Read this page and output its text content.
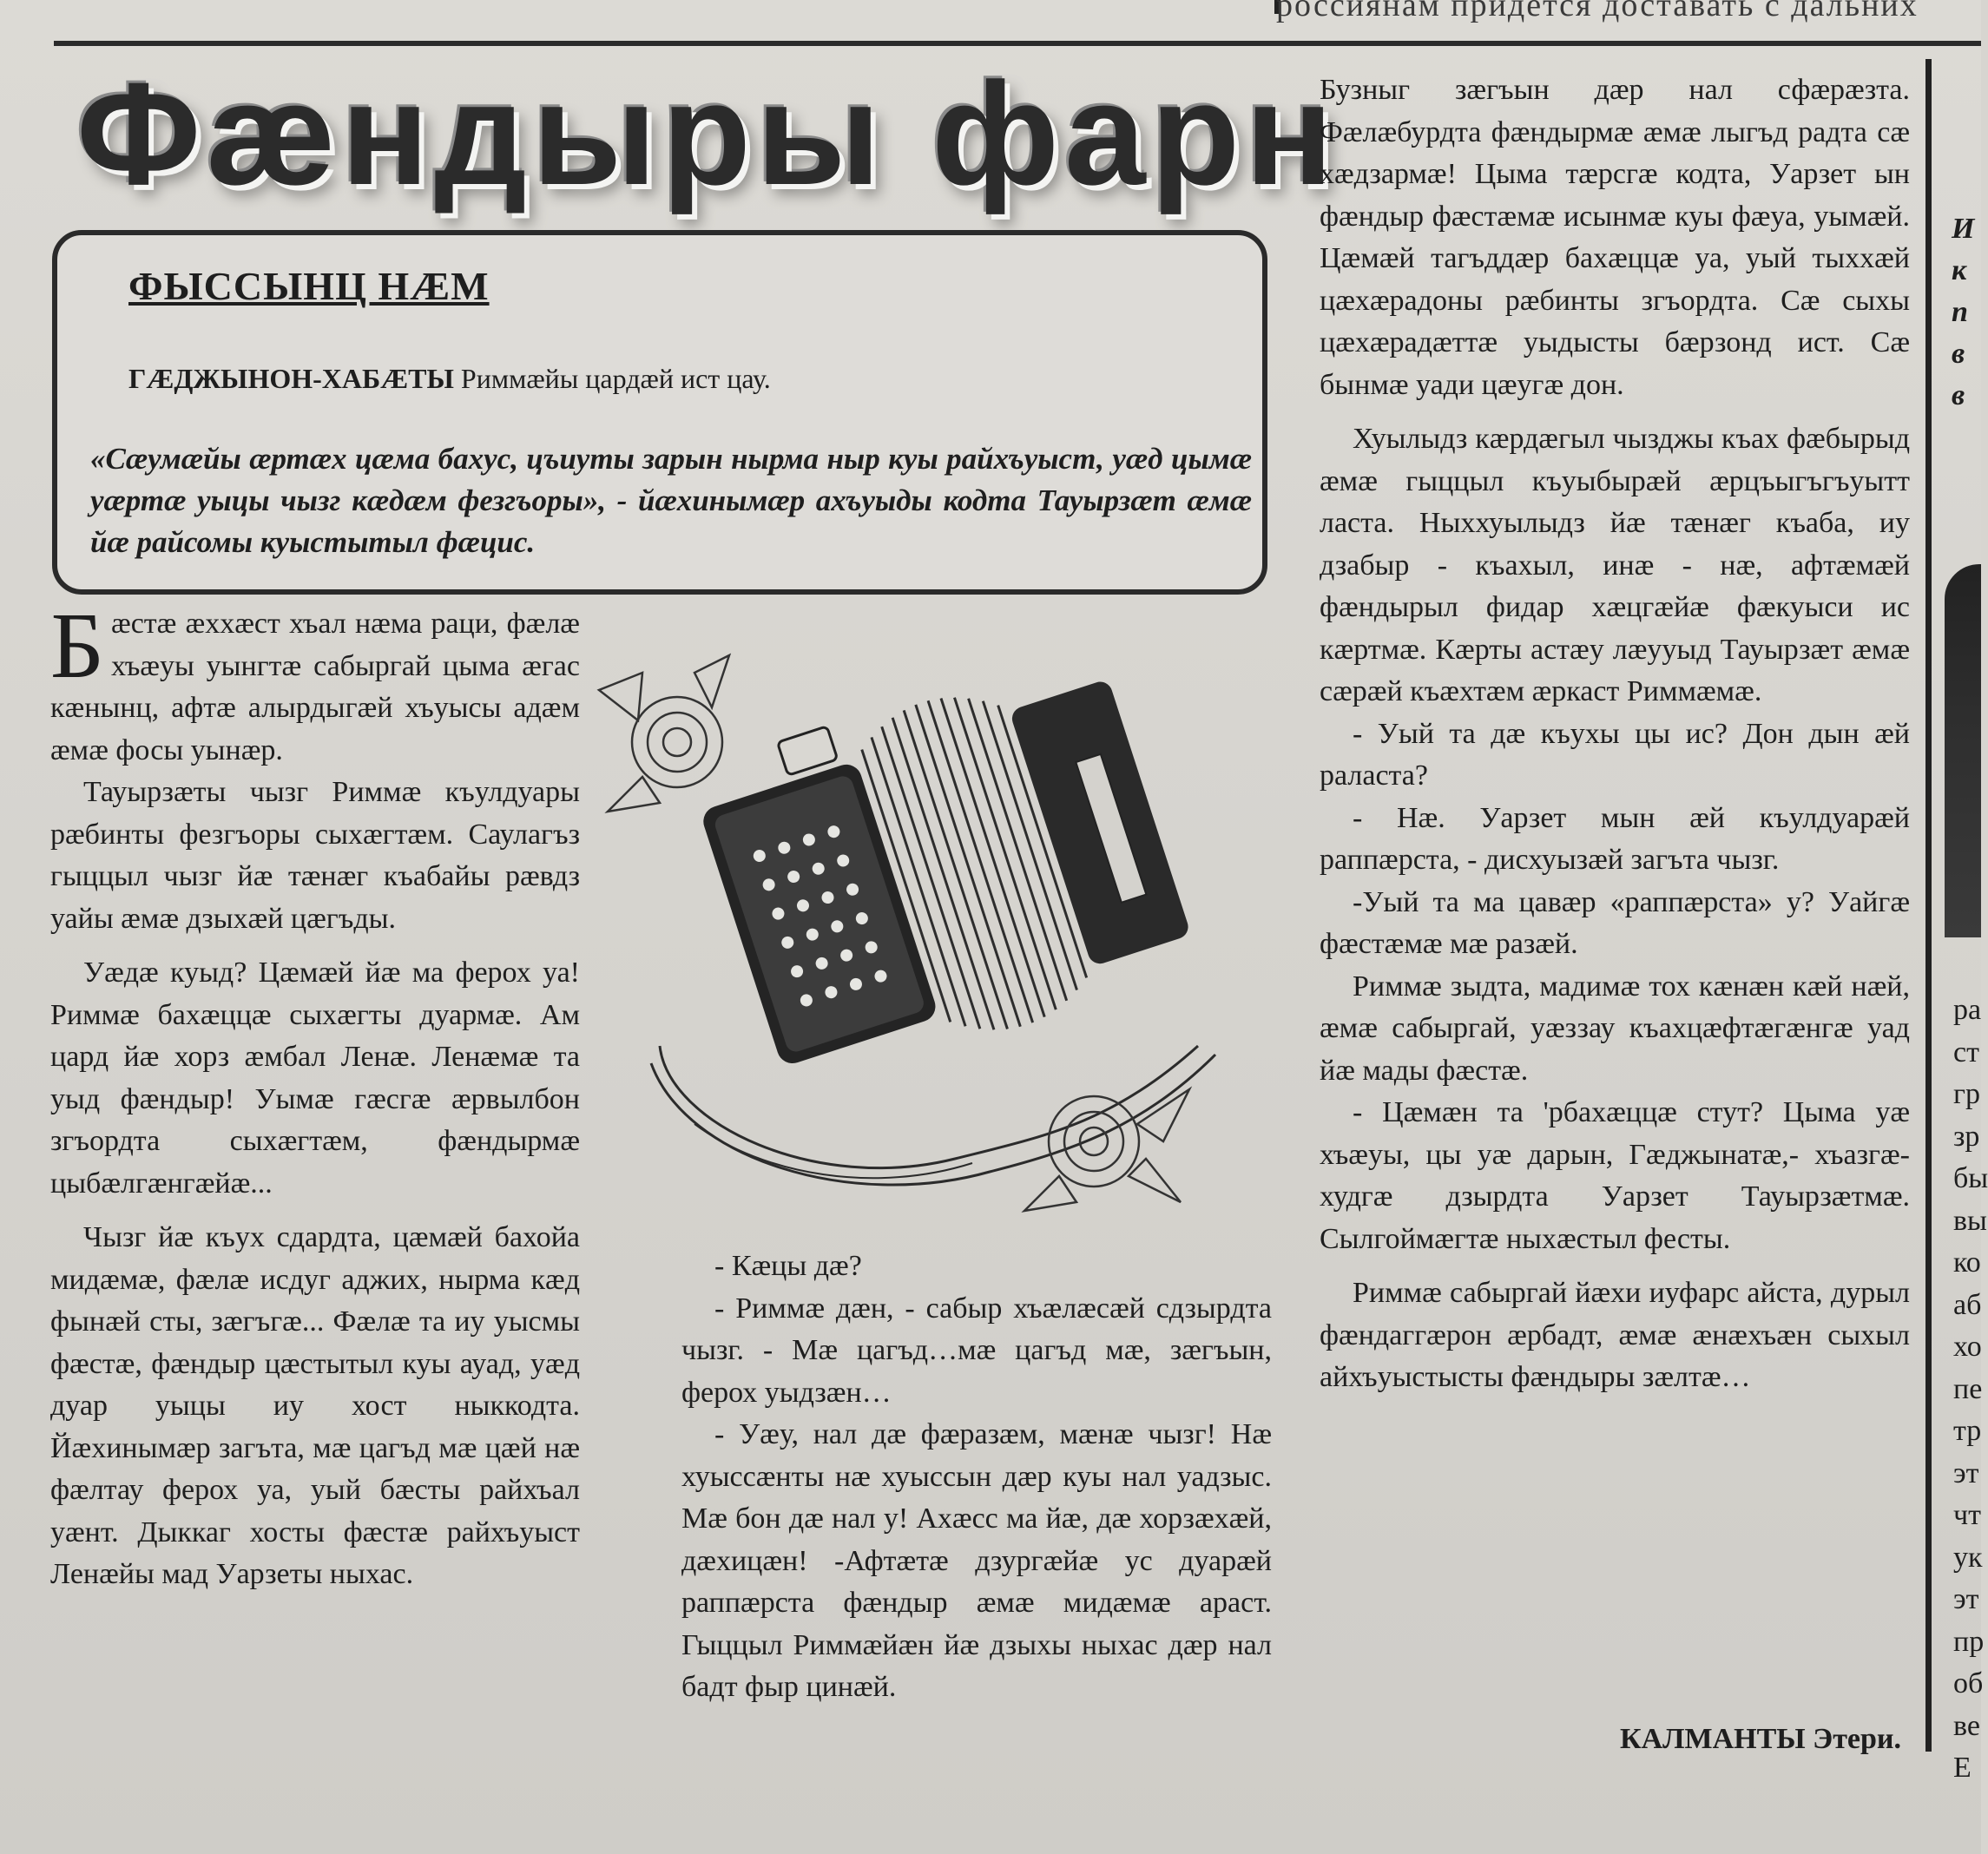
россиянам придется доставать с дальних
Фæндыры фарн
ФЫССЫНЦ НÆМ
ГÆДЖЫНОН-ХАБÆТЫ Риммæйы цардæй ист цау.
«Сæумæйы æртæх цæма бахус, цъиуты зарын нырма ныр куы райхъуыст, уæд цымæ уæртæ уыцы чызг кæдæм фезгъоры», - йæхинымæр ахъуыды кодта Тауырзæт æмæ йæ райсомы куыстытыл фæцис.

Бæстæ æххæст хъал нæма раци, фæлæ хъæуы уынгтæ сабыргай цыма æгас кæнынц, афтæ алырдыгæй хъуысы адæм æмæ фосы уынæр.

Тауырзæты чызг Риммæ къулдуары рæбинты фезгъоры сыхæгтæм. Саулагъз гыццыл чызг йæ тæнæг къабайы рæвдз уайы æмæ дзыхæй цæгъды.

Уæдæ куыд? Цæмæй йæ ма ферох уа! Риммæ бахæццæ сыхæгты дуармæ. Ам цард йæ хорз æмбал Ленæ. Ленæмæ та уыд фæндыр! Уымæ гæсгæ æрвылбон згъордта сыхæгтæм, фæндырмæ цыбæлгæнгæйæ...

Чызг йæ къух сдардта, цæмæй бахойа мидæмæ, фæлæ исдуг аджих, нырма кæд фынæй сты, зæгъгæ... Фæлæ та иу уысмы фæстæ, фæндыр цæстытыл куы ауад, уæд дуар уыцы иу хост ныккодта. Йæхинымæр загъта, мæ цагъд мæ цæй нæ фæлтау ферох уа, уый бæсты райхъал уæнт. Дыккаг хосты фæстæ райхъуыст Ленæйы мад Уарзеты ныхас.

- Кæцы дæ?

- Риммæ дæн, - сабыр хъæлæсæй сдзырдта чызг. - Мæ цагъд…мæ цагъд мæ, зæгъын, ферох уыдзæн…

- Уæу, нал дæ фæразæм, мæнæ чызг! Нæ хуыссæнты нæ хуыссын дæр куы нал уадзыс. Мæ бон дæ нал у! Ахæсс ма йæ, дæ хорзæхæй, дæхицæн! -Афтæтæ дзургæйæ ус дуарæй раппæрста фæндыр æмæ мидæмæ араст. Гыццыл Риммæйæн йæ дзыхы ныхас дæр нал бадт фыр цинæй.

Бузныг зæгъын дæр нал сфæрæзта. Фæлæбурдта фæндырмæ æмæ лыгъд радта сæ хæдзармæ! Цыма тæрсгæ кодта, Уарзет ын фæндыр фæстæмæ исынмæ куы фæуа, уымæй. Цæмæй тагъддæр бахæццæ уа, уый тыххæй цæхæрадоны рæбинты згъордта. Сæ сыхы цæхæрадæттæ уыдысты бæрзонд ист. Сæ бынмæ уади цæугæ дон.

Хуылыдз кæрдæгыл чызджы къах фæбырыд æмæ гыццыл къуыбырæй æрцъыгъгъуытт ласта. Ныххуылыдз йæ тæнæг къаба, иу дзабыр - къахыл, инæ - нæ, афтæмæй фæндырыл фидар хæцгæйæ фæкуыси ис кæртмæ. Кæрты астæу лæууыд Тауырзæт æмæ сæрæй къæхтæм æркаст Риммæмæ.

- Уый та дæ къухы цы ис? Дон дын æй раласта?

- Нæ. Уарзет мын æй къулдуарæй раппæрста, - дисхуызæй загъта чызг.

-Уый та ма цавæр «раппæрста» у? Уайгæ фæстæмæ мæ разæй.

Риммæ зыдта, мадимæ тох кæнæн кæй нæй, æмæ сабыргай, уæззау къахцæфтæгæнгæ уад йæ мады фæстæ.

- Цæмæн та 'рбахæццæ стут? Цыма уæ хъæуы, цы уæ дарын, Гæджынатæ,- хъазгæ-худгæ дзырдта Уарзет Тауырзæтмæ. Сылгоймæгтæ ныхæстыл фесты.

Риммæ сабыргай йæхи иуфарс айста, дурыл фæндаггæрон æрбадт, æмæ æнæхъæн сыхыл айхъуыстысты фæндыры зæлтæ…

КАЛМАНТЫ Этери.
И
к
п
в
в
ра
ст
гр
зр
бы
вы
ко
аб
хо
пе
тр
эт
чт
ук
эт
пр
об
ве
Е
